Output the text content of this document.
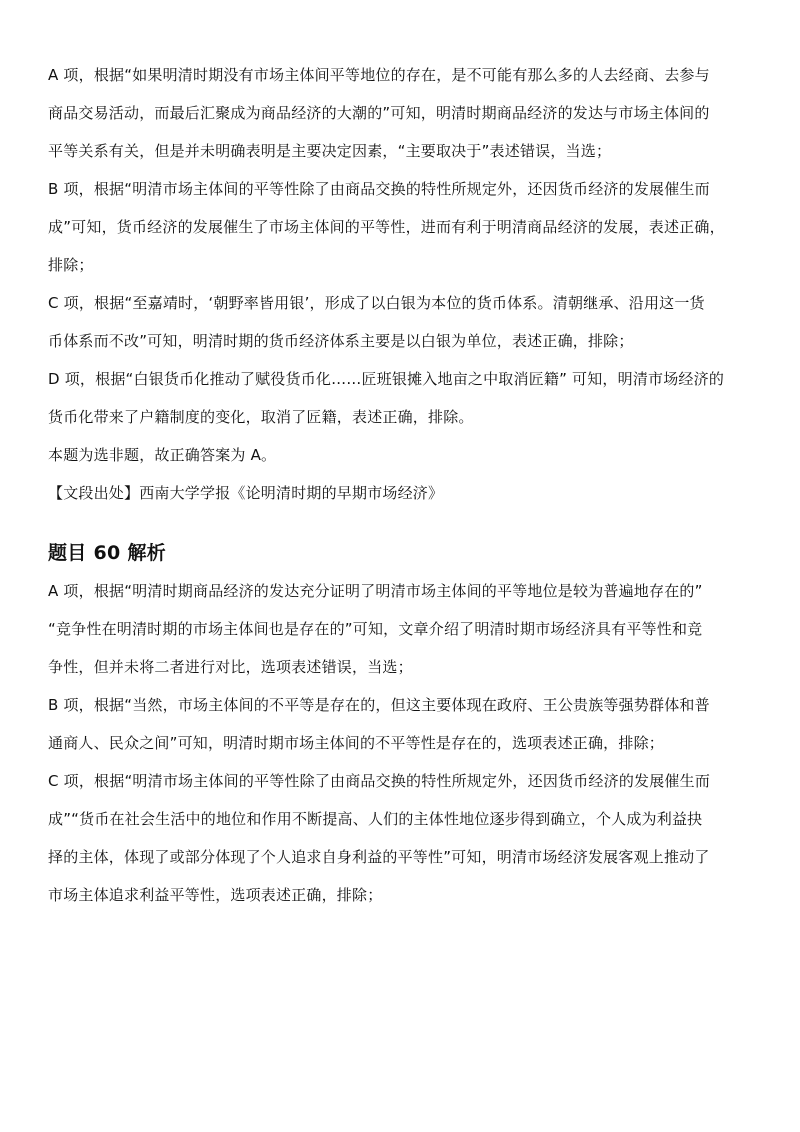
A 项，根据“如果明清时期没有市场主体间平等地位的存在，是不可能有那么多的人去经商、去参与
商品交易活动，而最后汇聚成为商品经济的大潮的”可知，明清时期商品经济的发达与市场主体间的
平等关系有关，但是并未明确表明是主要决定因素，“主要取决于”表述错误，当选；
B 项，根据“明清市场主体间的平等性除了由商品交换的特性所规定外，还因货币经济的发展催生而
成”可知，货币经济的发展催生了市场主体间的平等性，进而有利于明清商品经济的发展，表述正确，
排除；
C 项，根据“至嘉靖时，‘朝野率皆用银’，形成了以白银为本位的货币体系。清朝继承、沿用这一货
币体系而不改”可知，明清时期的货币经济体系主要是以白银为单位，表述正确，排除；
D 项，根据“白银货币化推动了赋役货币化……匠班银摊入地亩之中取消匠籍” 可知，明清市场经济的
货币化带来了户籍制度的变化，取消了匠籍，表述正确，排除。
本题为选非题，故正确答案为 A。
【文段出处】西南大学学报《论明清时期的早期市场经济》
题目 60 解析
A 项，根据“明清时期商品经济的发达充分证明了明清市场主体间的平等地位是较为普遍地存在的”
“竞争性在明清时期的市场主体间也是存在的”可知，文章介绍了明清时期市场经济具有平等性和竞
争性，但并未将二者进行对比，选项表述错误，当选；
B 项，根据“当然，市场主体间的不平等是存在的，但这主要体现在政府、王公贵族等强势群体和普
通商人、民众之间”可知，明清时期市场主体间的不平等性是存在的，选项表述正确，排除；
C 项，根据“明清市场主体间的平等性除了由商品交换的特性所规定外，还因货币经济的发展催生而
成”“货币在社会生活中的地位和作用不断提高、人们的主体性地位逐步得到确立，个人成为利益抉
择的主体，体现了或部分体现了个人追求自身利益的平等性”可知，明清市场经济发展客观上推动了
市场主体追求利益平等性，选项表述正确，排除；
